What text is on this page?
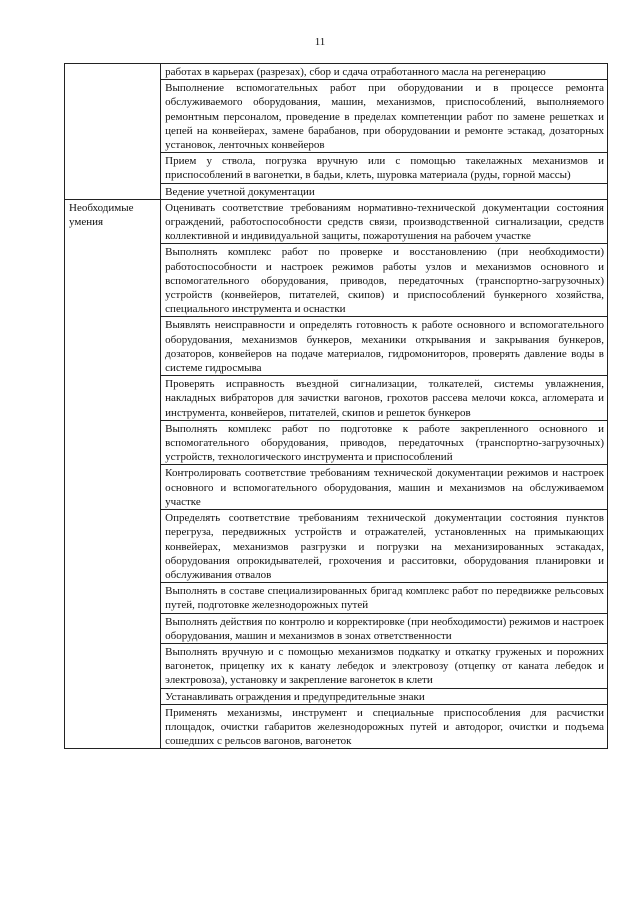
11

	работах в карьерах (разрезах), сбор и сдача отработанного масла на регенерацию

	Выполнение вспомогательных работ при оборудовании и в процессе ремонта обслуживаемого оборудования, машин, механизмов, приспособлений, выполняемого ремонтным персоналом, проведение в пределах компетенции работ по замене решетках и цепей на конвейерах, замене барабанов, при оборудовании и ремонте эстакад, дозаторных установок, ленточных конвейеров

	Прием у ствола, погрузка вручную или с помощью такелажных механизмов и приспособлений в вагонетки, в бадьи, клеть, шуровка материала (руды, горной массы)

	Ведение учетной документации

Необходимые умения	Оценивать соответствие требованиям нормативно-технической документации состояния ограждений, работоспособности средств связи, производственной сигнализации, средств коллективной и индивидуальной защиты, пожаротушения на рабочем участке

	Выполнять комплекс работ по проверке и восстановлению (при необходимости) работоспособности и настроек режимов работы узлов и механизмов основного и вспомогательного оборудования, приводов, передаточных (транспортно-загрузочных) устройств (конвейеров, питателей, скипов) и приспособлений бункерного хозяйства, специального инструмента и оснастки

	Выявлять неисправности и определять готовность к работе основного и вспомогательного оборудования, механизмов бункеров, механики открывания и закрывания бункеров, дозаторов, конвейеров на подаче материалов, гидромониторов, проверять давление воды в системе гидросмыва

	Проверять исправность въездной сигнализации, толкателей, системы увлажнения, накладных вибраторов для зачистки вагонов, грохотов рассева мелочи кокса, агломерата и инструмента, конвейеров, питателей, скипов и решеток бункеров

	Выполнять комплекс работ по подготовке к работе закрепленного основного и вспомогательного оборудования, приводов, передаточных (транспортно-загрузочных) устройств, технологического инструмента и приспособлений

	Контролировать соответствие требованиям технической документации режимов и настроек основного и вспомогательного оборудования, машин и механизмов на обслуживаемом участке

	Определять соответствие требованиям технической документации состояния пунктов перегруза, передвижных устройств и отражателей, установленных на примыкающих конвейерах, механизмов разгрузки и погрузки на механизированных эстакадах, оборудования опрокидывателей, грохочения и расситовки, оборудования планировки и обслуживания отвалов

	Выполнять в составе специализированных бригад комплекс работ по передвижке рельсовых путей, подготовке железнодорожных путей

	Выполнять действия по контролю и корректировке (при необходимости) режимов и настроек оборудования, машин и механизмов в зонах ответственности

	Выполнять вручную и с помощью механизмов подкатку и откатку груженых и порожних вагонеток, прицепку их к канату лебедок и электровозу (отцепку от каната лебедок и электровоза), установку и закрепление вагонеток в клети

	Устанавливать ограждения и предупредительные знаки

	Применять механизмы, инструмент и специальные приспособления для расчистки площадок, очистки габаритов железнодорожных путей и автодорог, очистки и подъема сошедших с рельсов вагонов, вагонеток
